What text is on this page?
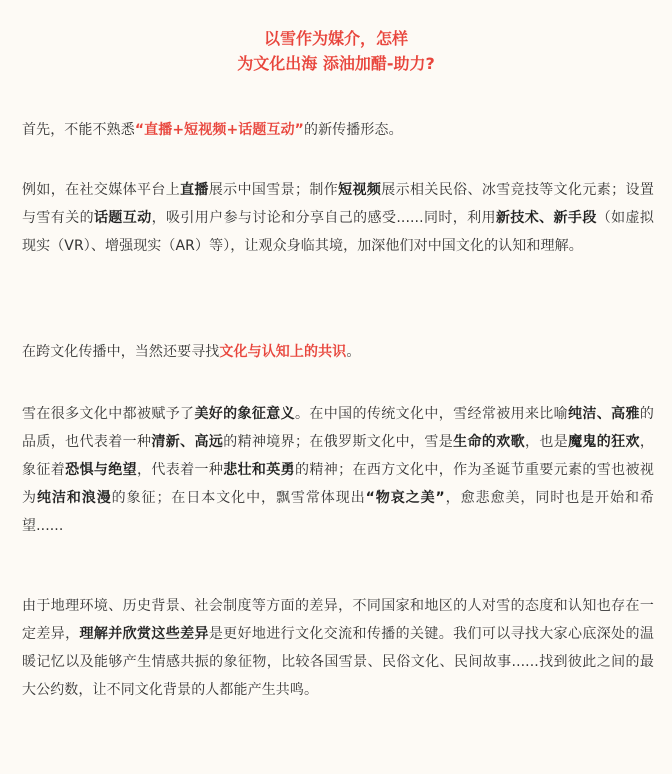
以雪作为媒介，怎样
为文化出海 添油加醋-助力?

首先，不能不熟悉“直播+短视频+话题互动”的新传播形态。

例如，在社交媒体平台上直播展示中国雪景；制作短视频展示相关民俗、冰雪竞技等文化元素；设置与雪有关的话题互动，吸引用户参与讨论和分享自己的感受......同时，利用新技术、新手段（如虚拟现实（VR）、增强现实（AR）等），让观众身临其境，加深他们对中国文化的认知和理解。

在跨文化传播中，当然还要寻找文化与认知上的共识。

雪在很多文化中都被赋予了美好的象征意义。在中国的传统文化中，雪经常被用来比喻纯洁、高雅的品质，也代表着一种清新、高远的精神境界；在俄罗斯文化中，雪是生命的欢歌，也是魔鬼的狂欢，象征着恐惧与绝望，代表着一种悲壮和英勇的精神；在西方文化中，作为圣诞节重要元素的雪也被视为纯洁和浪漫的象征；在日本文化中，飘雪常体现出“物哀之美”，愈悲愈美，同时也是开始和希望......

由于地理环境、历史背景、社会制度等方面的差异，不同国家和地区的人对雪的态度和认知也存在一定差异，理解并欣赏这些差异是更好地进行文化交流和传播的关键。我们可以寻找大家心底深处的温暖记忆以及能够产生情感共振的象征物，比较各国雪景、民俗文化、民间故事......找到彼此之间的最大公约数，让不同文化背景的人都能产生共鸣。
